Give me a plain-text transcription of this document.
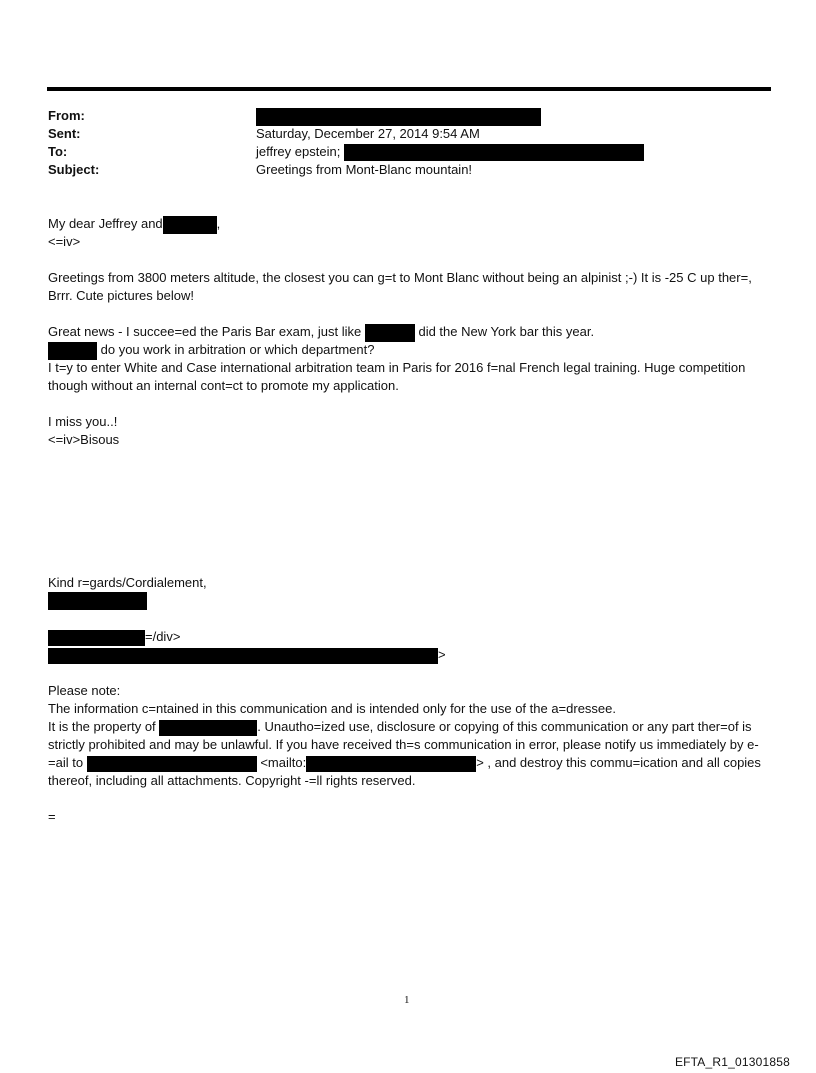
From:
Sent:	Saturday, December 27, 2014 9:54 AM
To:	jeffrey epstein;
Subject:	Greetings from Mont-Blanc mountain!
My dear Jeffrey and	,
<=iv>
Greetings from 3800 meters altitude, the closest you can g=t to Mont Blanc without being an alpinist ;-) It is -25 C up ther=, Brrr. Cute pictures below!
Great news - I succee=ed the Paris Bar exam, just like	did the New York bar this year.
do you work in arbitration or which department?
I t=y to enter White and Case international arbitration team in Paris for 2016 f=nal French legal training. Huge competition though without an internal cont=ct to promote my application.
I miss you..!
<=iv>Bisous
Kind r=gards/Cordialement,
=/div>
>
Please note:
The information c=ntained in this communication and is intended only for the use of the a=dressee.
It is the property of	. Unautho=ized use, disclosure or copying of this communication or any part ther=of is strictly prohibited and may be unlawful. If you have received th=s communication in error, please notify us immediately by e-=ail to	<mailto:	> , and destroy this commu=ication and all copies thereof, including all attachments. Copyright -=ll rights reserved.
=
1
EFTA_R1_01301858
